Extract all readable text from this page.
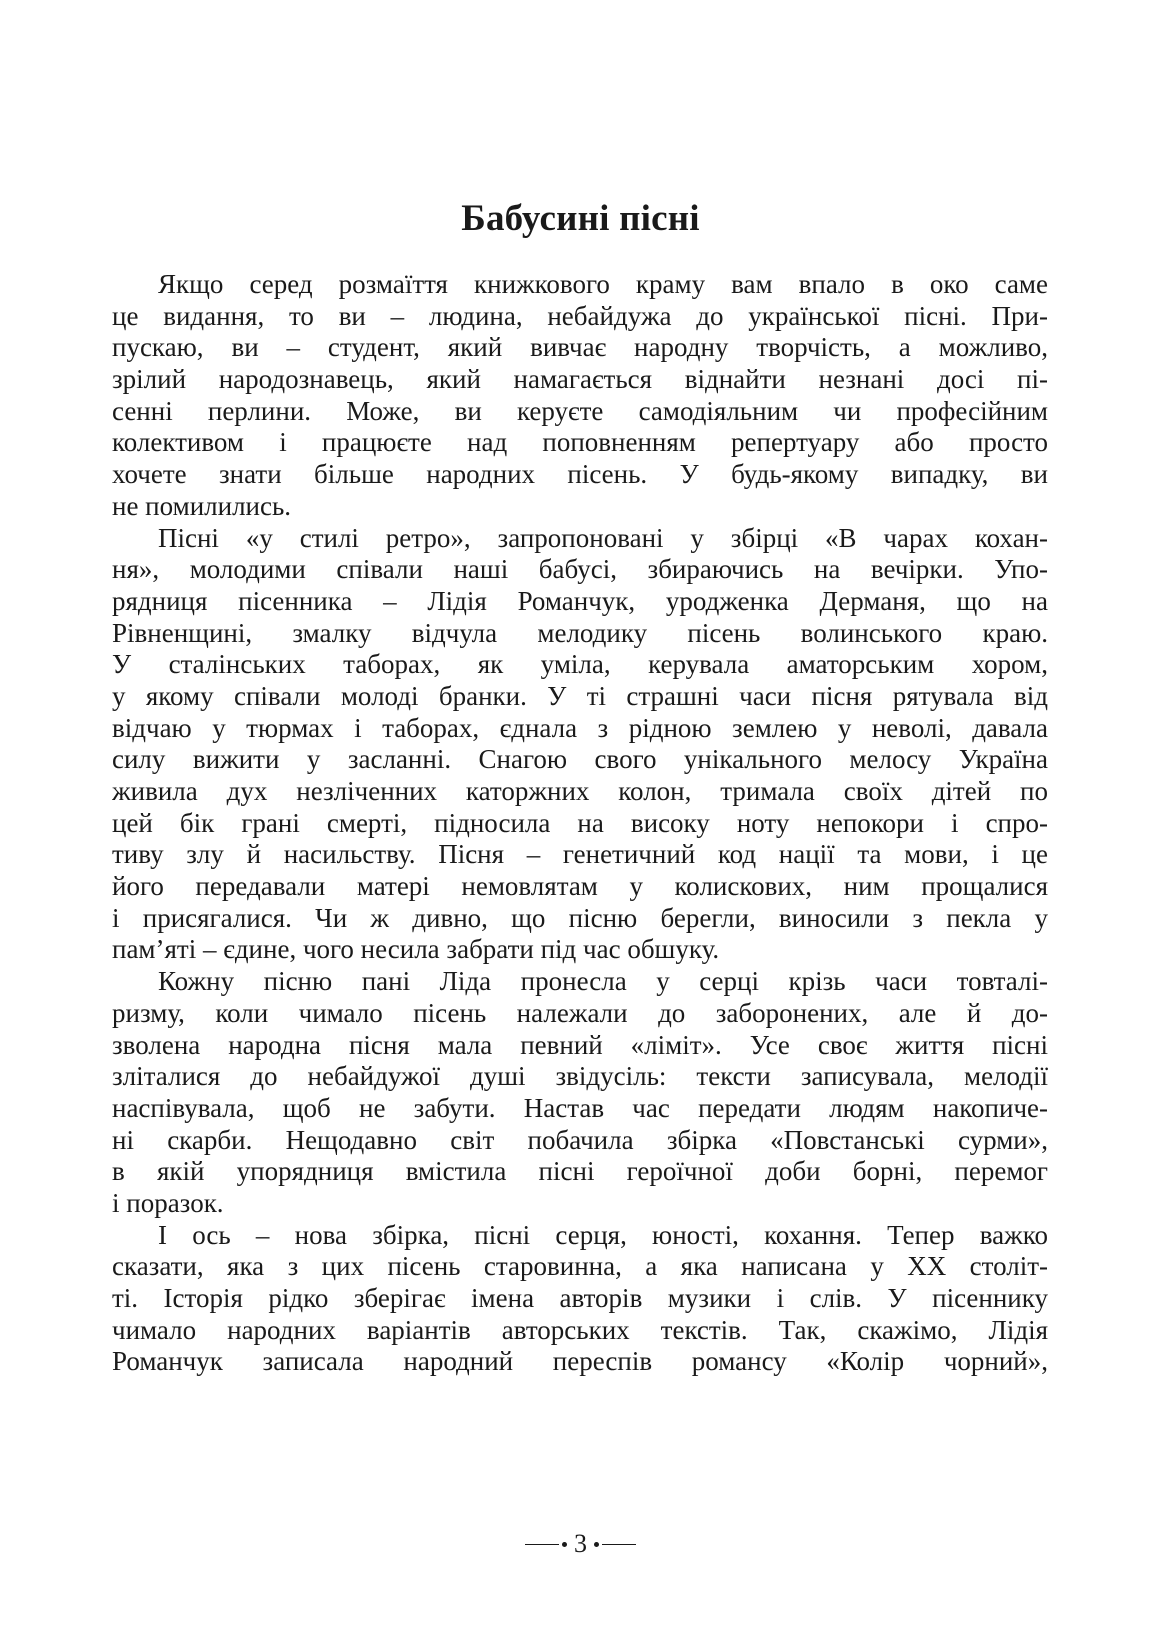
Бабусині пісні

Якщо серед розмаїття книжкового краму вам впало в око саме
це видання, то ви – людина, небайдужа до української пісні. При-
пускаю, ви – студент, який вивчає народну творчість, а можливо,
зрілий народознавець, який намагається віднайти незнані досі пі-
сенні перлини. Може, ви керуєте самодіяльним чи професійним
колективом і працюєте над поповненням репертуару або просто
хочете знати більше народних пісень. У будь-якому випадку, ви
не помилились.

Пісні «у стилі ретро», запропоновані у збірці «В чарах кохан-
ня», молодими співали наші бабусі, збираючись на вечірки. Упо-
рядниця пісенника – Лідія Романчук, уродженка Дерманя, що на
Рівненщині, змалку відчула мелодику пісень волинського краю.
У сталінських таборах, як уміла, керувала аматорським хором,
у якому співали молоді бранки. У ті страшні часи пісня рятувала від
відчаю у тюрмах і таборах, єднала з рідною землею у неволі, давала
силу вижити у засланні. Снагою свого унікального мелосу Україна
живила дух незліченних каторжних колон, тримала своїх дітей по
цей бік грані смерті, підносила на високу ноту непокори і спро-
тиву злу й насильству. Пісня – генетичний код нації та мови, і це
його передавали матері немовлятам у колискових, ним прощалися
і присягалися. Чи ж дивно, що пісню берегли, виносили з пекла у
пам’яті – єдине, чого несила забрати під час обшуку.

Кожну пісню пані Ліда пронесла у серці крізь часи товталі-
ризму, коли чимало пісень належали до заборонених, але й до-
зволена народна пісня мала певний «ліміт». Усе своє життя пісні
зліталися до небайдужої душі звідусіль: тексти записувала, мелодії
наспівувала, щоб не забути. Настав час передати людям накопиче-
ні скарби. Нещодавно світ побачила збірка «Повстанські сурми»,
в якій упорядниця вмістила пісні героїчної доби борні, перемог
і поразок.

І ось – нова збірка, пісні серця, юності, кохання. Тепер важко
сказати, яка з цих пісень старовинна, а яка написана у XX століт-
ті. Історія рідко зберігає імена авторів музики і слів. У пісеннику
чимало народних варіантів авторських текстів. Так, скажімо, Лідія
Романчук записала народний переспів романсу «Колір чорний»,

3
